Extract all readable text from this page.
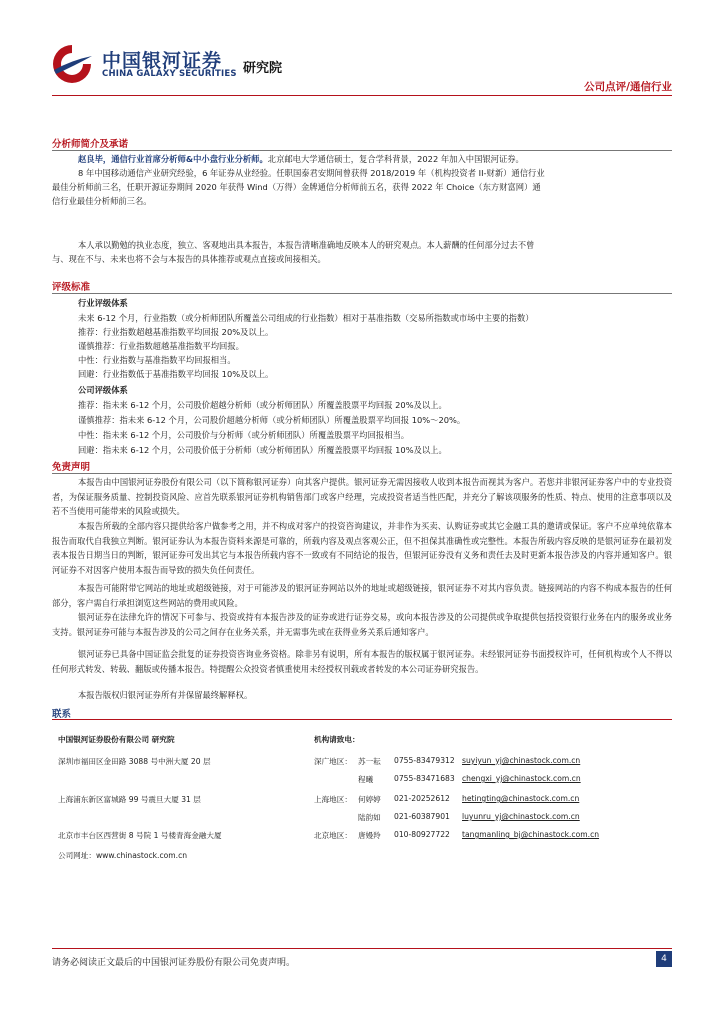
中国银河证券
CHINA GALAXY SECURITIES 研究院
公司点评/通信行业
分析师简介及承诺
赵良毕，通信行业首席分析师&中小盘行业分析师。北京邮电大学通信硕士，复合学科背景，2022 年加入中国银河证券。
8 年中国移动通信产业研究经验，6 年证券从业经验。任职国泰君安期间曾获得 2018/2019 年（机构投资者 II-财新）通信行业
最佳分析师前三名，任职开源证券期间 2020 年获得 Wind（万得）金牌通信分析师前五名，获得 2022 年 Choice（东方财富网）通
信行业最佳分析师前三名。
本人承以勤勉的执业态度，独立、客观地出具本报告，本报告清晰准确地反映本人的研究观点。本人薪酬的任何部分过去不曾
与、现在不与、未来也将不会与本报告的具体推荐或观点直接或间接相关。
评级标准
行业评级体系
未来 6-12 个月，行业指数（或分析师团队所覆盖公司组成的行业指数）相对于基准指数（交易所指数或市场中主要的指数）
推荐：行业指数超越基准指数平均回报 20%及以上。
谨慎推荐：行业指数超越基准指数平均回报。
中性：行业指数与基准指数平均回报相当。
回避：行业指数低于基准指数平均回报 10%及以上。
公司评级体系
推荐：指未来 6-12 个月，公司股价超越分析师（或分析师团队）所覆盖股票平均回报 20%及以上。
谨慎推荐：指未来 6-12 个月，公司股价超越分析师（或分析师团队）所覆盖股票平均回报 10%～20%。
中性：指未来 6-12 个月，公司股价与分析师（或分析师团队）所覆盖股票平均回报相当。
回避：指未来 6-12 个月，公司股价低于分析师（或分析师团队）所覆盖股票平均回报 10%及以上。
免责声明
本报告由中国银河证券股份有限公司（以下简称银河证券）向其客户提供。银河证券无需因接收人收到本报告而视其为客户。若您并非银河证券客户中的专业投资者，为保证服务质量、控制投资风险、应首先联系银河证券机构销售部门或客户经理，完成投资者适当性匹配，并充分了解该项服务的性质、特点、使用的注意事项以及若不当使用可能带来的风险或损失。
本报告所载的全部内容只提供给客户做参考之用，并不构成对客户的投资咨询建议，并非作为买卖、认购证券或其它金融工具的邀请或保证。客户不应单纯依靠本报告而取代自我独立判断。银河证券认为本报告资料来源是可靠的，所载内容及观点客观公正，但不担保其准确性或完整性。本报告所载内容反映的是银河证券在最初发表本报告日期当日的判断，银河证券可发出其它与本报告所载内容不一致或有不同结论的报告，但银河证券没有义务和责任去及时更新本报告涉及的内容并通知客户。银河证券不对因客户使用本报告而导致的损失负任何责任。
本报告可能附带它网站的地址或超级链接，对于可能涉及的银河证券网站以外的地址或超级链接，银河证券不对其内容负责。链接网站的内容不构成本报告的任何部分，客户需自行承担浏览这些网站的费用或风险。
银河证券在法律允许的情况下可参与、投资或持有本报告涉及的证券或进行证券交易，或向本报告涉及的公司提供或争取提供包括投资银行业务在内的服务或业务支持。银河证券可能与本报告涉及的公司之间存在业务关系，并无需事先或在获得业务关系后通知客户。
银河证券已具备中国证监会批复的证券投资咨询业务资格。除非另有说明，所有本报告的版权属于银河证券。未经银河证券书面授权许可，任何机构或个人不得以任何形式转发、转载、翻版或传播本报告。特提醒公众投资者慎重使用未经授权刊载或者转发的本公司证券研究报告。
本报告版权归银河证券所有并保留最终解释权。
联系
中国银河证券股份有限公司 研究院
深圳市福田区金田路 3088 号中洲大厦 20 层
上海浦东新区富城路 99 号震旦大厦 31 层
北京市丰台区西营街 8 号院 1 号楼青海金融大厦
公司网址：www.chinastock.com.cn
机构请致电：
深广地区： 苏一耘 0755-83479312 suyiyun_yj@chinastock.com.cn
程曦	0755-83471683 chengxi_yj@chinastock.com.cn
上海地区： 何婷婷 021-20252612 hetingting@chinastock.com.cn
陆韵如 021-60387901 luyunru_yj@chinastock.com.cn
北京地区： 唐嫚羚 010-80927722 tangmanling_bj@chinastock.com.cn
请务必阅读正文最后的中国银河证券股份有限公司免责声明。	4
